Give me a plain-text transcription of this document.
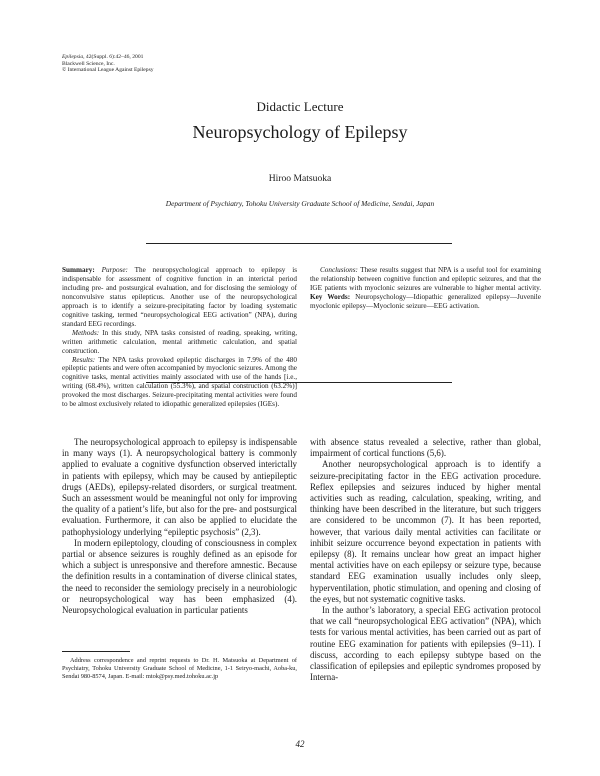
Epilepsia, 42(Suppl. 6):42–46, 2001
Blackwell Science, Inc.
© International League Against Epilepsy
Didactic Lecture
Neuropsychology of Epilepsy
Hiroo Matsuoka
Department of Psychiatry, Tohoku University Graduate School of Medicine, Sendai, Japan

Summary: Purpose: The neuropsychological approach to epilepsy is indispensable for assessment of cognitive function in an interictal period including pre- and postsurgical evaluation, and for disclosing the semiology of nonconvulsive status epilepticus. Another use of the neuropsychological approach is to identify a seizure-precipitating factor by loading systematic cognitive tasking, termed “neuropsychological EEG activation” (NPA), during standard EEG recordings.

Methods: In this study, NPA tasks consisted of reading, speaking, writing, written arithmetic calculation, mental arithmetic calculation, and spatial construction.

Results: The NPA tasks provoked epileptic discharges in 7.9% of the 480 epileptic patients and were often accompanied by myoclonic seizures. Among the cognitive tasks, mental activities mainly associated with use of the hands [i.e., writing (68.4%), written calculation (55.3%), and spatial construction (63.2%)] provoked the most discharges. Seizure-precipitating mental activities were found to be almost exclusively related to idiopathic generalized epilepsies (IGEs).

Conclusions: These results suggest that NPA is a useful tool for examining the relationship between cognitive function and epileptic seizures, and that the IGE patients with myoclonic seizures are vulnerable to higher mental activity. Key Words: Neuropsychology—Idiopathic generalized epilepsy—Juvenile myoclonic epilepsy—Myoclonic seizure—EEG activation.

The neuropsychological approach to epilepsy is indispensable in many ways (1). A neuropsychological battery is commonly applied to evaluate a cognitive dysfunction observed interictally in patients with epilepsy, which may be caused by antiepileptic drugs (AEDs), epilepsy-related disorders, or surgical treatment. Such an assessment would be meaningful not only for improving the quality of a patient’s life, but also for the pre- and postsurgical evaluation. Furthermore, it can also be applied to elucidate the pathophysiology underlying “epileptic psychosis” (2,3).

In modern epileptology, clouding of consciousness in complex partial or absence seizures is roughly defined as an episode for which a subject is unresponsive and therefore amnestic. Because the definition results in a contamination of diverse clinical states, the need to reconsider the semiology precisely in a neurobiologic or neuropsychological way has been emphasized (4). Neuropsychological evaluation in particular patients

with absence status revealed a selective, rather than global, impairment of cortical functions (5,6).

Another neuropsychological approach is to identify a seizure-precipitating factor in the EEG activation procedure. Reflex epilepsies and seizures induced by higher mental activities such as reading, calculation, speaking, writing, and thinking have been described in the literature, but such triggers are considered to be uncommon (7). It has been reported, however, that various daily mental activities can facilitate or inhibit seizure occurrence beyond expectation in patients with epilepsy (8). It remains unclear how great an impact higher mental activities have on each epilepsy or seizure type, because standard EEG examination usually includes only sleep, hyperventilation, photic stimulation, and opening and closing of the eyes, but not systematic cognitive tasks.

In the author’s laboratory, a special EEG activation protocol that we call “neuropsychological EEG activation” (NPA), which tests for various mental activities, has been carried out as part of routine EEG examination for patients with epilepsies (9–11). I discuss, according to each epilepsy subtype based on the classification of epilepsies and epileptic syndromes proposed by Interna-

Address correspondence and reprint requests to Dr. H. Matsuoka at Department of Psychiatry, Tohoku University Graduate School of Medicine, 1-1 Seiryo-machi, Aoba-ku, Sendai 980-8574, Japan. E-mail: mtok@psy.med.tohoku.ac.jp
42
